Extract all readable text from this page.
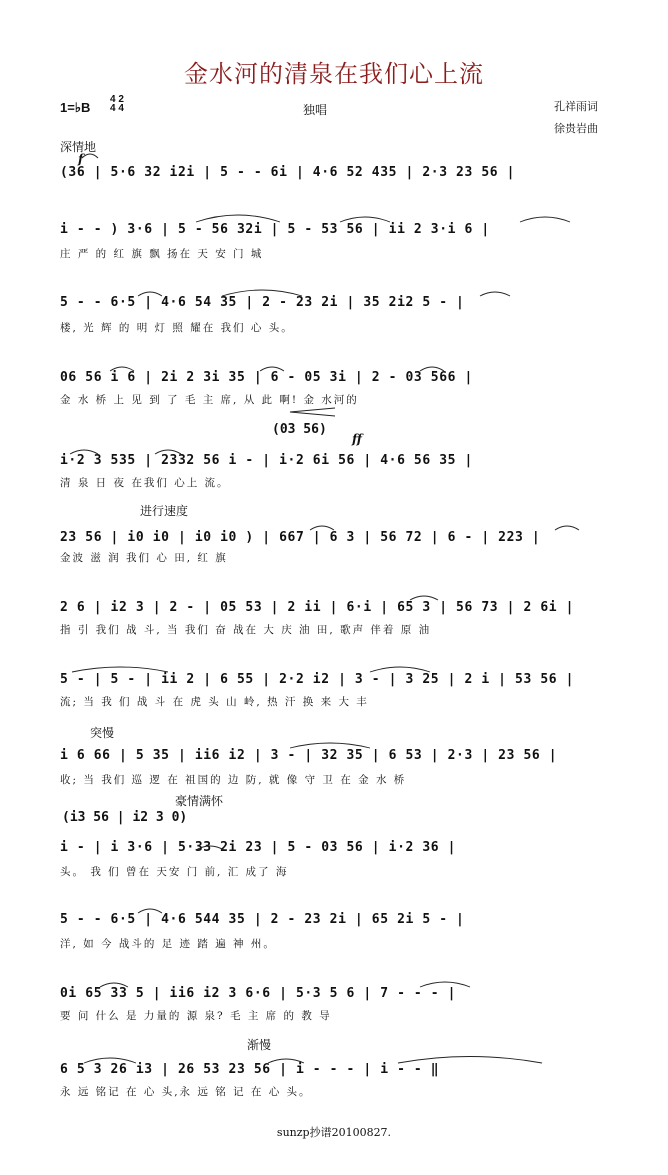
金水河的清泉在我们心上流
1=♭B
4 2
4 4	独唱	孔祥雨词
徐贵岩曲
深情地
f
(36 | 5·6 32 i2i | 5 - - 6i | 4·6 52 435 | 2·3 23 56 |
i - - ) 3·6 | 5 - 56 32i | 5 - 53 56 | ii 2 3·i 6 |
庄 严 的 红 旗 飘 扬在 天 安 门 城
5 - - 6·5 | 4·6 54 35 | 2 - 23 2i | 35 2i2 5 - |
楼, 光 辉 的 明 灯 照 耀在 我们 心 头。
06 56 i 6 | 2i 2 3i 35 | 6 - 05 3i | 2 - 03 566 |
金 水 桥 上 见 到 了 毛 主 席, 从 此 啊! 金 水河的
(03 56)
ff
i·2 3 535 | 2332 56 i - | i·2 6i 56 | 4·6 56 35 |
清 泉 日 夜 在我们 心上 流。
进行速度
23 56 | i0 i0 | i0 i0 ) | 667 | 6 3 | 56 72 | 6 - | 223 |
金波 滋 润 我们 心 田, 红 旗
2 6 | i2 3 | 2 - | 05 53 | 2 ii | 6·i | 65 3 | 56 73 | 2 6i |
指 引 我们 战 斗, 当 我们 奋 战在 大 庆 油 田, 歌声 伴着 原 油
5 - | 5 - | ii 2 | 6 55 | 2·2 i2 | 3 - | 3 25 | 2 i | 53 56 |
流; 当 我 们 战 斗 在 虎 头 山 岭, 热 汗 换 来 大 丰
突慢
i 6 66 | 5 35 | ii6 i2 | 3 - | 32 35 | 6 53 | 2·3 | 23 56 |
收; 当 我们 巡 逻 在 祖国的 边 防, 就 像 守 卫 在 金 水 桥
豪情满怀
(i3 56 | i2 3 0)
i - | i 3·6 | 5·33 2i 23 | 5 - 03 56 | i·2 36 |
头。 我 们 曾在 天安 门 前, 汇 成了 海
5 - - 6·5 | 4·6 544 35 | 2 - 23 2i | 65 2i 5 - |
洋, 如 今 战斗的 足 迹 踏 遍 神 州。
0i 65 33 5 | ii6 i2 3 6·6 | 5·3 5 6 | 7 - - - |
要 问 什么 是 力量的 源 泉? 毛 主 席 的 教 导
渐慢
6 5 3 26 i3 | 26 53 23 56 | i - - - | i - - ‖
永 远 铭记 在 心 头,永 远 铭 记 在 心 头。
sunzp抄谱20100827.
